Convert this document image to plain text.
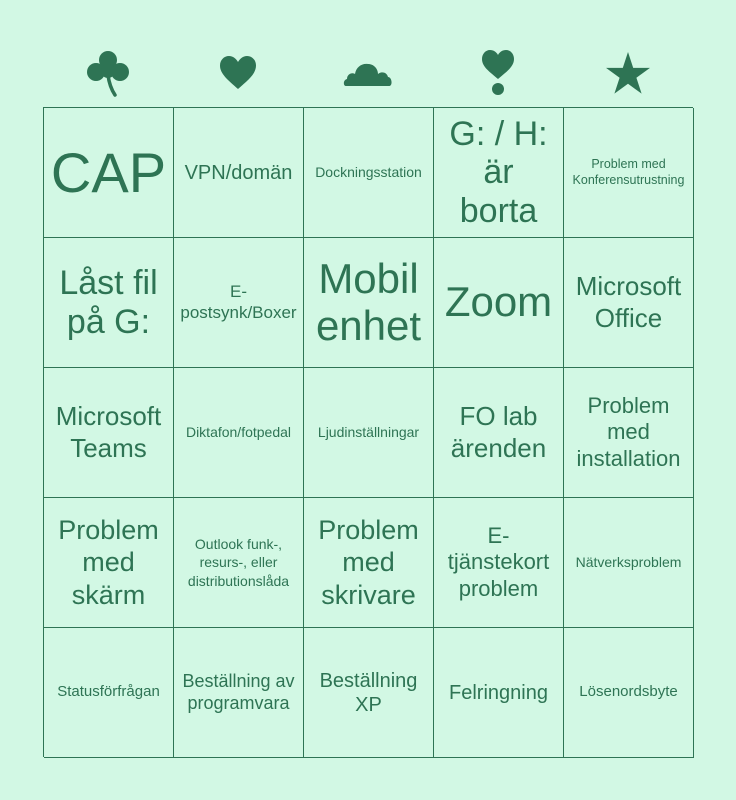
CAP VPN/domän Dockningsstation
G: / H: är borta
Problem med Konferensutrustning
Låst fil på G:
E-postsynk/Boxer
Mobil enhet Zoom Microsoft Office
Microsoft Teams
Diktafon/fotpedal Ljudinställningar
FO lab ärenden
Problem med installation
Problem med skärm
Outlook funk-, resurs-, eller distributionslåda
Problem med skrivare
E-tjänstekort problem
Nätverksproblem
Statusförfrågan
Beställning av programvara
Beställning XP
Felringning Lösenordsbyte
